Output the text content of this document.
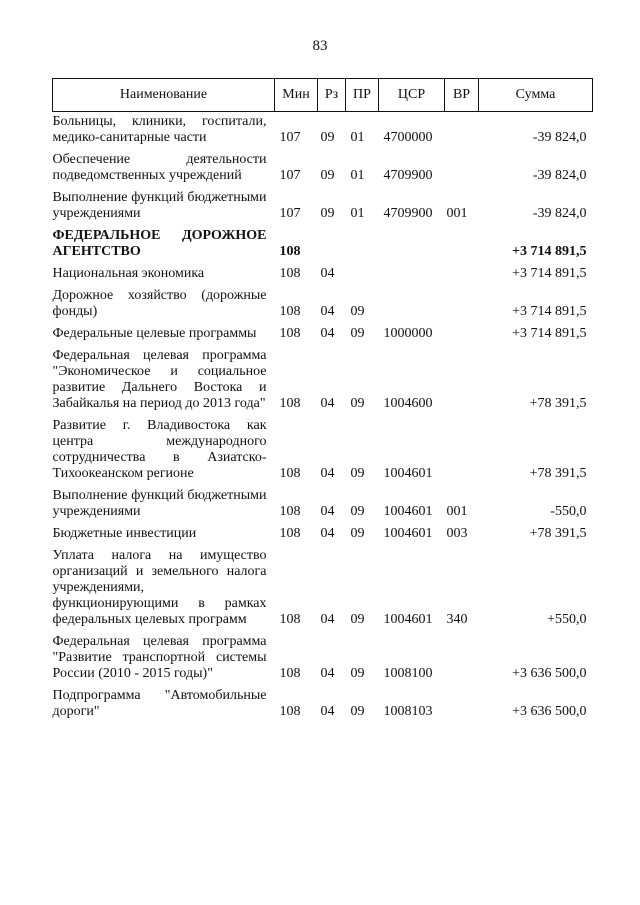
83
Наименование	Мин	Рз	ПР	ЦСР	ВР	Сумма
Больницы, клиники, госпитали, медико-санитарные части	107	09	01	4700000		-39 824,0
Обеспечение деятельности подведомственных учреждений	107	09	01	4709900		-39 824,0
Выполнение функций бюджетными учреждениями	107	09	01	4709900	001	-39 824,0
ФЕДЕРАЛЬНОЕ ДОРОЖНОЕ АГЕНТСТВО	108					+3 714 891,5
Национальная экономика	108	04				+3 714 891,5
Дорожное хозяйство (дорожные фонды)	108	04	09			+3 714 891,5
Федеральные целевые программы	108	04	09	1000000		+3 714 891,5
Федеральная целевая программа "Экономическое и социальное развитие Дальнего Востока и Забайкалья на период до 2013 года"	108	04	09	1004600		+78 391,5
Развитие г. Владивостока как центра международного сотрудничества в Азиатско-Тихоокеанском регионе	108	04	09	1004601		+78 391,5
Выполнение функций бюджетными учреждениями	108	04	09	1004601	001	-550,0
Бюджетные инвестиции	108	04	09	1004601	003	+78 391,5
Уплата налога на имущество организаций и земельного налога учреждениями, функционирующими в рамках федеральных целевых программ	108	04	09	1004601	340	+550,0
Федеральная целевая программа "Развитие транспортной системы России (2010 - 2015 годы)"	108	04	09	1008100		+3 636 500,0
Подпрограмма "Автомобильные дороги"	108	04	09	1008103		+3 636 500,0
